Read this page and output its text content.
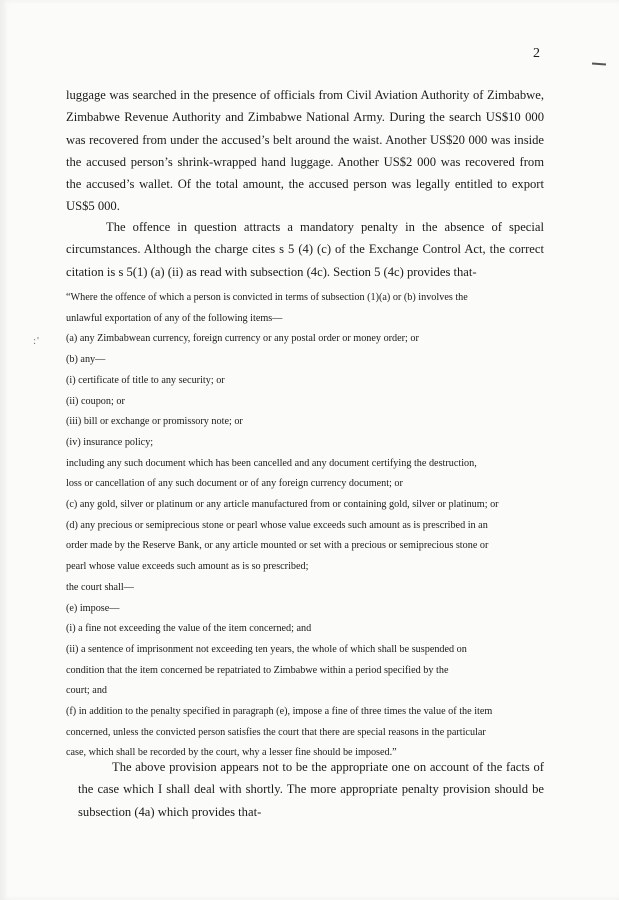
2
:'

luggage was searched in the presence of officials from Civil Aviation Authority of Zimbabwe, Zimbabwe Revenue Authority and Zimbabwe National Army. During the search US$10 000 was recovered from under the accused’s belt around the waist. Another US$20 000 was inside the accused person’s shrink-wrapped hand luggage. Another US$2 000 was recovered from the accused’s wallet. Of the total amount, the accused person was legally entitled to export US$5 000.

The offence in question attracts a mandatory penalty in the absence of special circumstances. Although the charge cites s 5 (4) (c) of the Exchange Control Act, the correct citation is s 5(1) (a) (ii) as read with subsection (4c). Section 5 (4c) provides that-

“Where the offence of which a person is convicted in terms of subsection (1)(a) or (b) involves the
unlawful exportation of any of the following items—
(a) any Zimbabwean currency, foreign currency or any postal order or money order; or
(b) any—
(i) certificate of title to any security; or
(ii) coupon; or
(iii) bill or exchange or promissory note; or
(iv) insurance policy;
including any such document which has been cancelled and any document certifying the destruction,
loss or cancellation of any such document or of any foreign currency document; or
(c) any gold, silver or platinum or any article manufactured from or containing gold, silver or platinum; or
(d) any precious or semiprecious stone or pearl whose value exceeds such amount as is prescribed in an
order made by the Reserve Bank, or any article mounted or set with a precious or semiprecious stone or
pearl whose value exceeds such amount as is so prescribed;
the court shall—
(e) impose—
(i) a fine not exceeding the value of the item concerned; and
(ii) a sentence of imprisonment not exceeding ten years, the whole of which shall be suspended on
condition that the item concerned be repatriated to Zimbabwe within a period specified by the
court; and
(f) in addition to the penalty specified in paragraph (e), impose a fine of three times the value of the item
concerned, unless the convicted person satisfies the court that there are special reasons in the particular
case, which shall be recorded by the court, why a lesser fine should be imposed.”

The above provision appears not to be the appropriate one on account of the facts of the case which I shall deal with shortly. The more appropriate penalty provision should be subsection (4a) which provides that-
